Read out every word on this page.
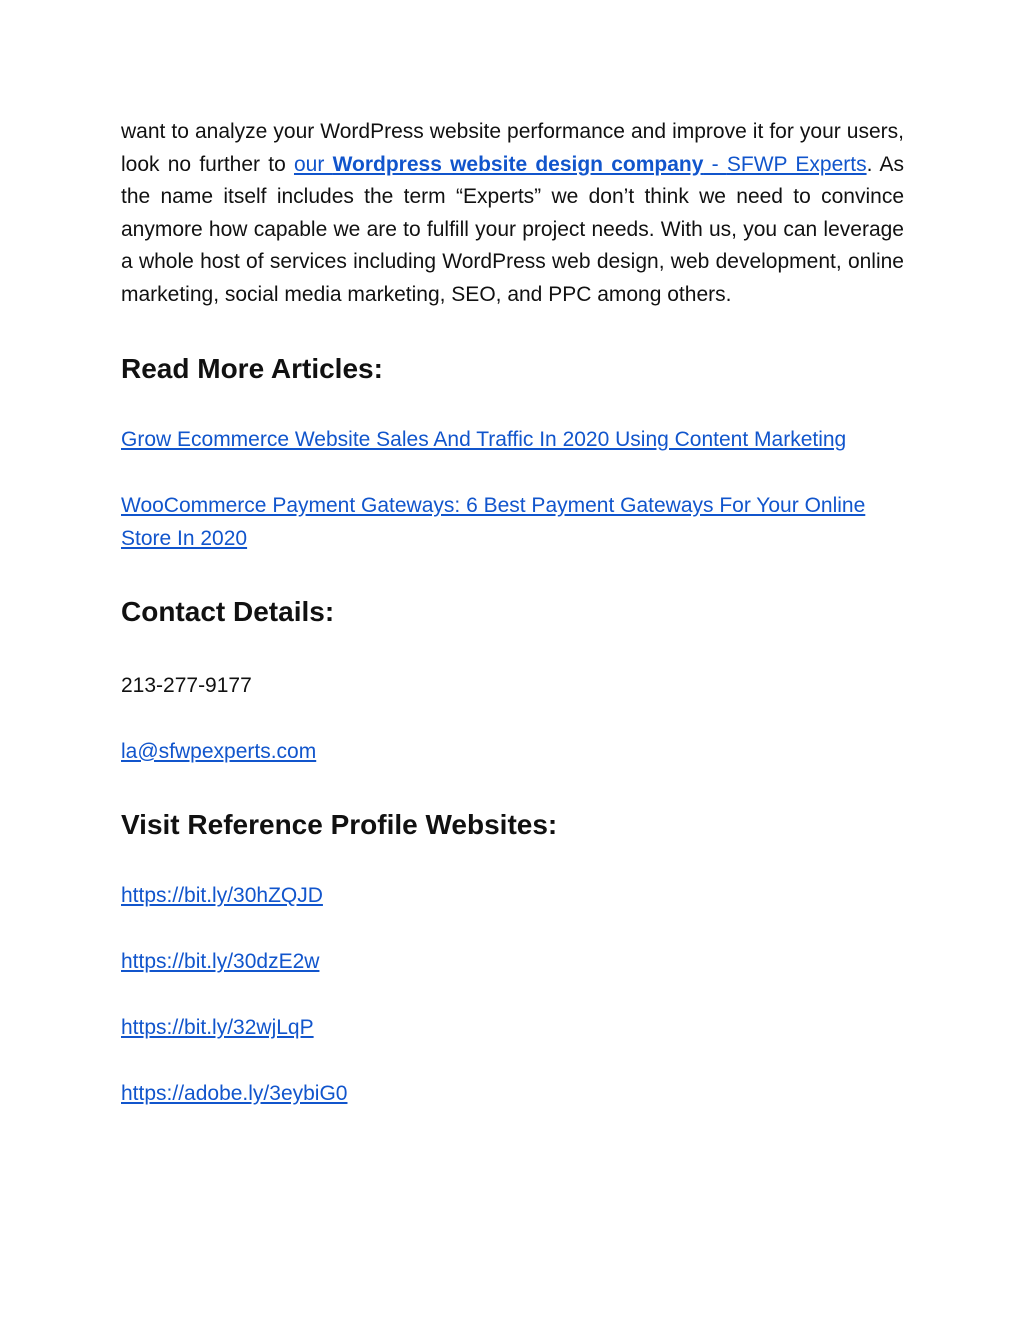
want to analyze your WordPress website performance and improve it for your users, look no further to our Wordpress website design company - SFWP Experts. As the name itself includes the term “Experts” we don’t think we need to convince anymore how capable we are to fulfill your project needs. With us, you can leverage a whole host of services including WordPress web design, web development, online marketing, social media marketing, SEO, and PPC among others.

Read More Articles:

Grow Ecommerce Website Sales And Traffic In 2020 Using Content Marketing

WooCommerce Payment Gateways: 6 Best Payment Gateways For Your Online Store In 2020

Contact Details:

213-277-9177

la@sfwpexperts.com

Visit Reference Profile Websites:

https://bit.ly/30hZQJD

https://bit.ly/30dzE2w

https://bit.ly/32wjLqP

https://adobe.ly/3eybiG0
